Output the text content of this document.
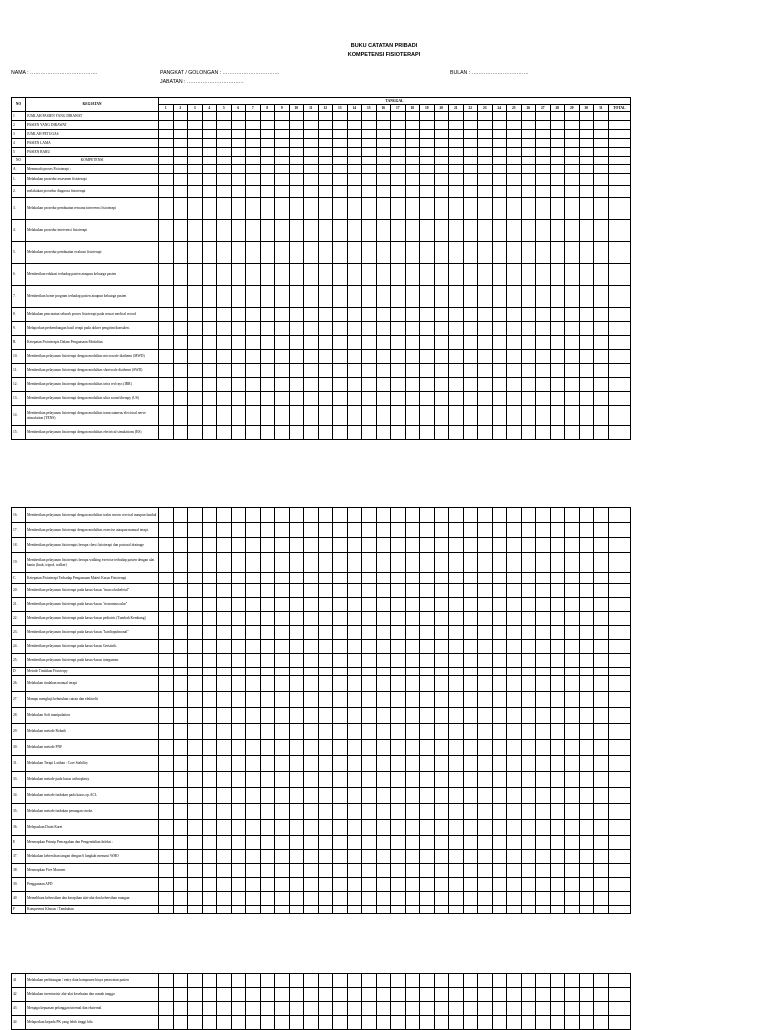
BUKU CATATAN PRIBADI
KOMPETENSI FISIOTERAPI
NAMA : …………………………………	PANGKAT / GOLONGAN : ……………………………	BULAN : ……………………………
JABATAN : ……………………………
NO	KEGIATAN	TANGGAL																															
		1	2	3	4	5	6	7	8	9	10	11	12	13	14	15	16	17	18	19	20	21	22	23	24	25	26	27	28	29	30	31	TOTAL
1	JUMLAH PASIEN YANG DIRAWAT																																
2	PASIEN YANG DIRAWAT																																
3	JUMLAH PETUGAS																																
4	PASIEN LAMA																																
5	PASIEN BARU																																
NO	KOMPETENSI																																
A.	Memenuhi proses Fisioterapi :																																
1.	Melakukan prosedur assesmen fisioterapi																																
2.	melakukan prosedur diagnosa fisioterapi																																
3.	Melakukan prosedur pembuatan rencana intervensi fisioterapi																																
4.	Melakukan prosedur intervensi fisioterapi																																
5.	Melakukan prosedur pembuatan evaluasi fisioterapi																																
6.	Memberikan edukasi terhadap pasien ataupun keluarga pasien																																
7.	Memberikan home program terhadap pasien ataupun keluarga pasien																																
8.	Melakukan pencatatan seluruh proses fisioterapi pada sesuai medical record																																
9.	Melaporkan perkembangan hasil terapi pada dokter pengirim/konsulen.																																
B.	Ketepatan Fisioterapis Dalam Penguasaan Modalitas																																
10.	Memberikan pelayanan fisioterapi dengan modalitas microwafe diathemi (MWD)																																
11.	Memberikan pelayanan fisioterapi dengan modalitas shortwafe diathemi (SWD)																																
12.	Memberikan pelayanan fisioterapi dengan modalitas infra red rays (IRR)																																
13.	Memberikan pelayanan fisioterapi dengan modalitas ultra sound therapy (US)																																
14.	Memberikan pelayanan fisioterapi dengan modalitas transcutaneus electrical nerve stimulation (TENS)																																
15.	Memberikan pelayanan fisioterapi dengan modalitas electrical simulations (ES)																																
16.	Memberikan pelayanan fisioterapi dengan modalitas traksi mesin cervical maupun lumbal																																
17.	Memberikan pelayanan fisioterapi dengan modalitas exercise ataupun manual terapi.																																
18.	Memberikan pelayanan fisioterapis berupa chest fisioterapi dan postural drainage																																
19.	Memberikan pelayanan fisioterapis berupa walking exercise terhadap pasien dengan alat bantu (kruk, tripod, walker)																																
C.	Ketepatan Fisioterapi Terhadap Penguasaan Materi Kasus Fisioterapi																																
20.	Memberikan pelayanan fisioterapi pada kasus-kasus "muscoloskeletal"																																
21.	Memberikan pelayanan fisioterapi pada kasus-kasus "neuromuscular"																																
22.	Memberikan pelayanan fisioterapi pada kasus-kasus pediatric (Tumbuh Kembang)																																
23.	Memberikan pelayanan fisioterapi pada kasus-kasus "kardiopulmonal"																																
24.	Memberikan pelayanan fisioterapi pada kasus-kasus Geriatrik.																																
25.	Memberikan pelayanan fisioterapi pada kasus-kasus integumen.																																
D	Metode Tindakan Fisioterpy																																
26.	Melakukan tindakan manual terapi																																
27.	Mampu menghaji kebutuhan cairan dan elektrolit																																
28.	Melakukan Soft manipulation																																
29.	Melakukan metode Bobath																																
30.	Melakukan metode PNF																																
31.	Melakukan Terapi Latihan : Core Stability																																
33.	Melakukan metode pada kasus arthroplasty																																
34.	Melakukan metode tindakan pada kasus op.ACL																																
35.	Melakukan metode tindakan penangan stroke.																																
36.	Melepaskan Drain Karet																																
E	Menerapkan Prinsip Pencegahan dan Pengendalian Infeksi :																																
37.	Melakukan kebersihan tangan dengan 6 langkah menurut WHO																																
38.	Menerapkan Five Moment																																
39.	Penggunaan APD																																
40	Memelihara kebersihan dan kerapihan alat-alat dan kebersihan ruangan																																
F	Kompetensi Khusus / Tambahan																																
41	Melakukan perhitungan / entry data komponen biaya perawatan pasien																																
42	Melakukan inventarisir alat-alat kesehatan dan rumah tangga																																
43	Menjaga kepuasan pelanggan internal dan eksternal																																
44	Melaporkan kepada PK yang lebih tinggi bila																																
